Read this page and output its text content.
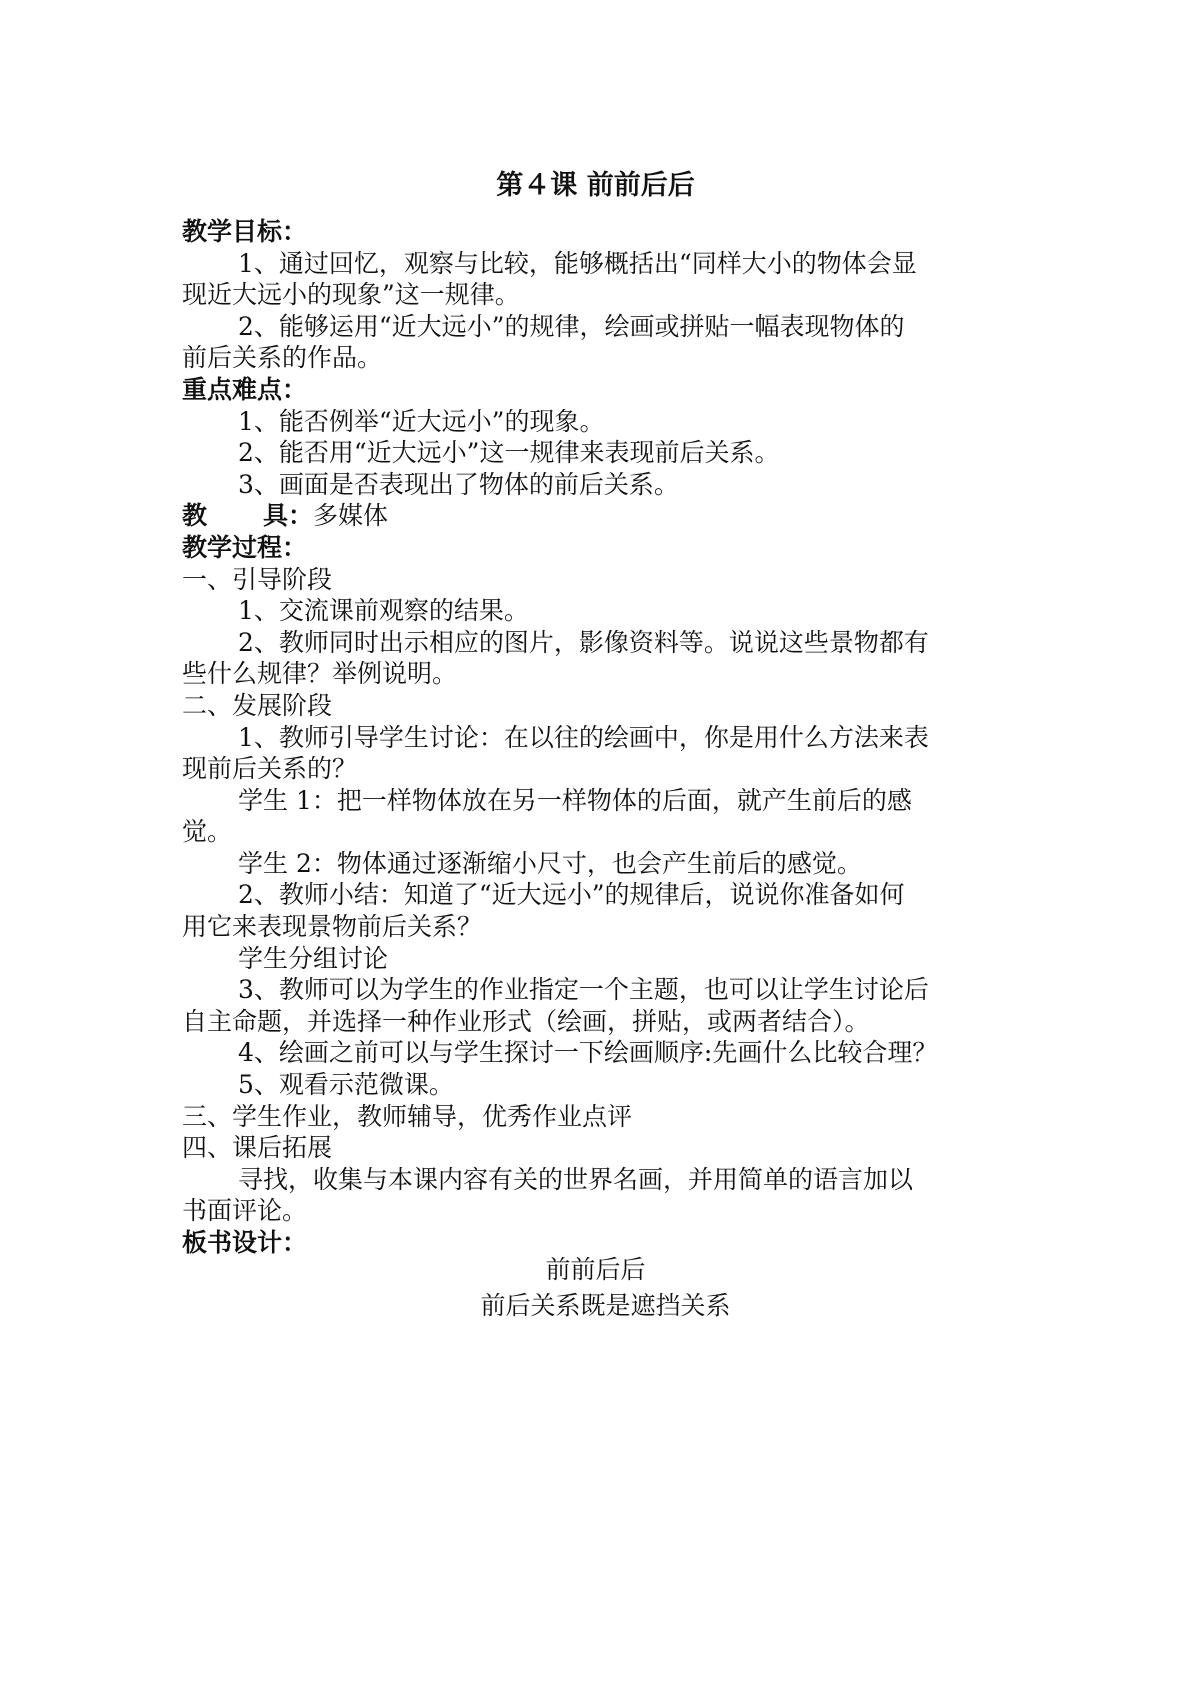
第４课 前前后后
教学目标：
1、通过回忆，观察与比较，能够概括出“同样大小的物体会显
现近大远小的现象”这一规律。
2、能够运用“近大远小”的规律，绘画或拼贴一幅表现物体的
前后关系的作品。
重点难点：
1、能否例举“近大远小”的现象。
2、能否用“近大远小”这一规律来表现前后关系。
3、画面是否表现出了物体的前后关系。
教 具：多媒体
教学过程：
一、引导阶段
1、交流课前观察的结果。
2、教师同时出示相应的图片，影像资料等。说说这些景物都有
些什么规律？举例说明。
二、发展阶段
1、教师引导学生讨论：在以往的绘画中，你是用什么方法来表
现前后关系的？
学生 1：把一样物体放在另一样物体的后面，就产生前后的感
觉。
学生 2：物体通过逐渐缩小尺寸，也会产生前后的感觉。
2、教师小结：知道了“近大远小”的规律后，说说你准备如何
用它来表现景物前后关系？
学生分组讨论
3、教师可以为学生的作业指定一个主题，也可以让学生讨论后
自主命题，并选择一种作业形式（绘画，拼贴，或两者结合）。
4、绘画之前可以与学生探讨一下绘画顺序:先画什么比较合理？
5、观看示范微课。
三、学生作业，教师辅导，优秀作业点评
四、课后拓展
寻找，收集与本课内容有关的世界名画，并用简单的语言加以
书面评论。
板书设计：
前前后后
前后关系既是遮挡关系
